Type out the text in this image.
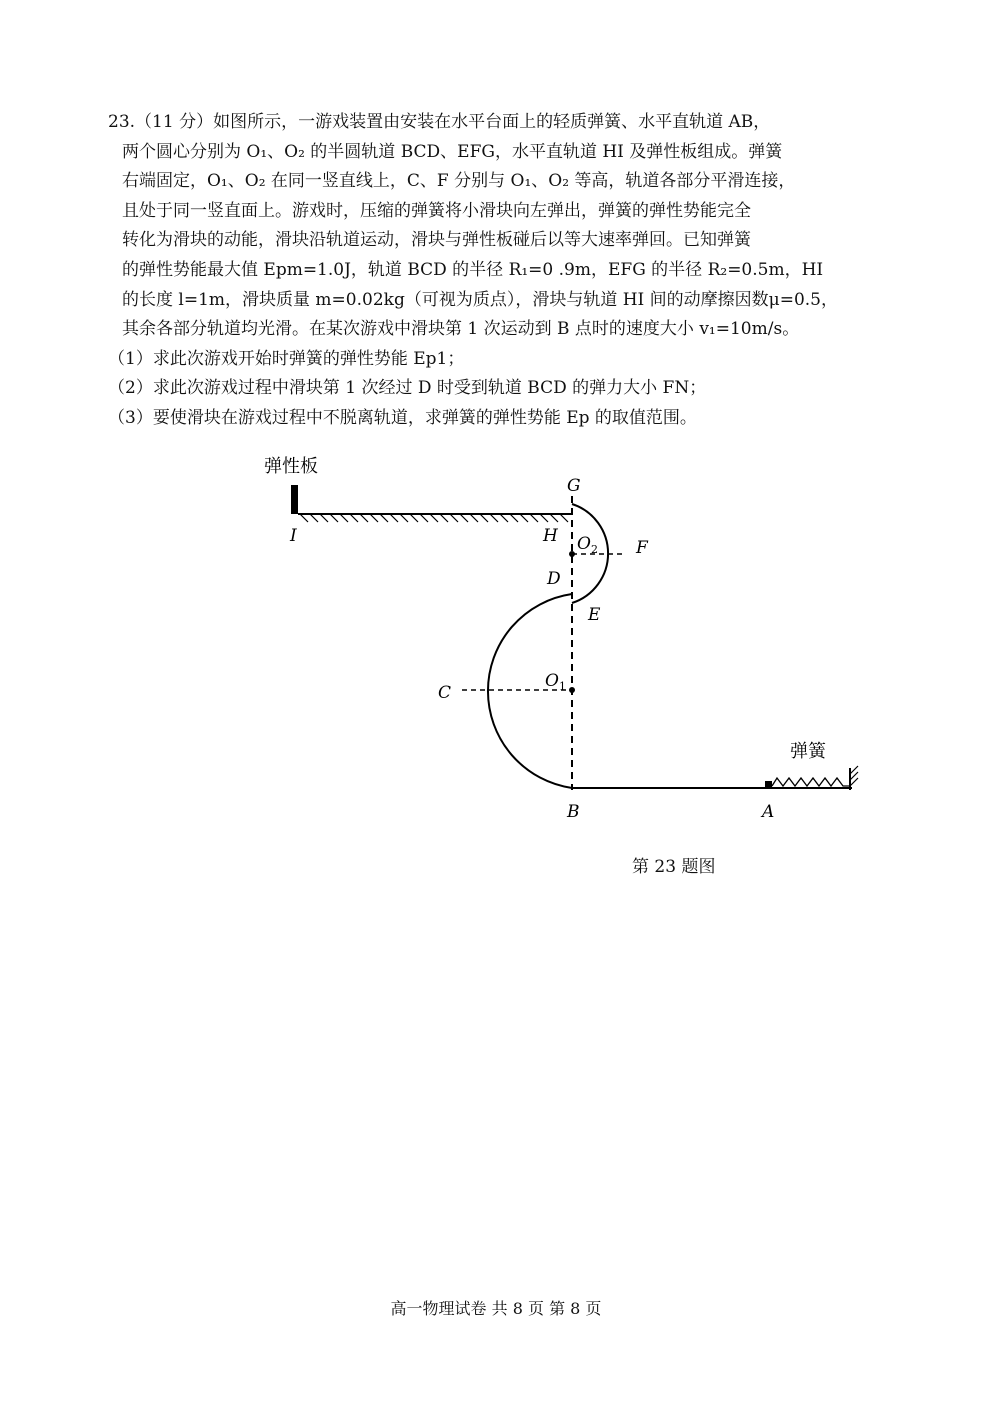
23.（11 分）如图所示，一游戏装置由安装在水平台面上的轻质弹簧、水平直轨道 AB，
两个圆心分别为 O₁、O₂ 的半圆轨道 BCD、EFG，水平直轨道 HI 及弹性板组成。弹簧
右端固定，O₁、O₂ 在同一竖直线上，C、F 分别与 O₁、O₂ 等高，轨道各部分平滑连接，
且处于同一竖直面上。游戏时，压缩的弹簧将小滑块向左弹出，弹簧的弹性势能完全
转化为滑块的动能，滑块沿轨道运动，滑块与弹性板碰后以等大速率弹回。已知弹簧
的弹性势能最大值 Epm=1.0J，轨道 BCD 的半径 R₁=0 .9m，EFG 的半径 R₂=0.5m，HI
的长度 l=1m，滑块质量 m=0.02kg（可视为质点），滑块与轨道 HI 间的动摩擦因数μ=0.5，
其余各部分轨道均光滑。在某次游戏中滑块第 1 次运动到 B 点时的速度大小 v₁=10m/s。
（1）求此次游戏开始时弹簧的弹性势能 Ep1；
（2）求此次游戏过程中滑块第 1 次经过 D 时受到轨道 BCD 的弹力大小 FN；
（3）要使滑块在游戏过程中不脱离轨道，求弹簧的弹性势能 Ep 的取值范围。
弹性板
弹簧
I	H
G
$O_2$ F
D
E
C
$O_1$
B	A
第 23 题图
高一物理试卷 共 8 页 第 8 页
